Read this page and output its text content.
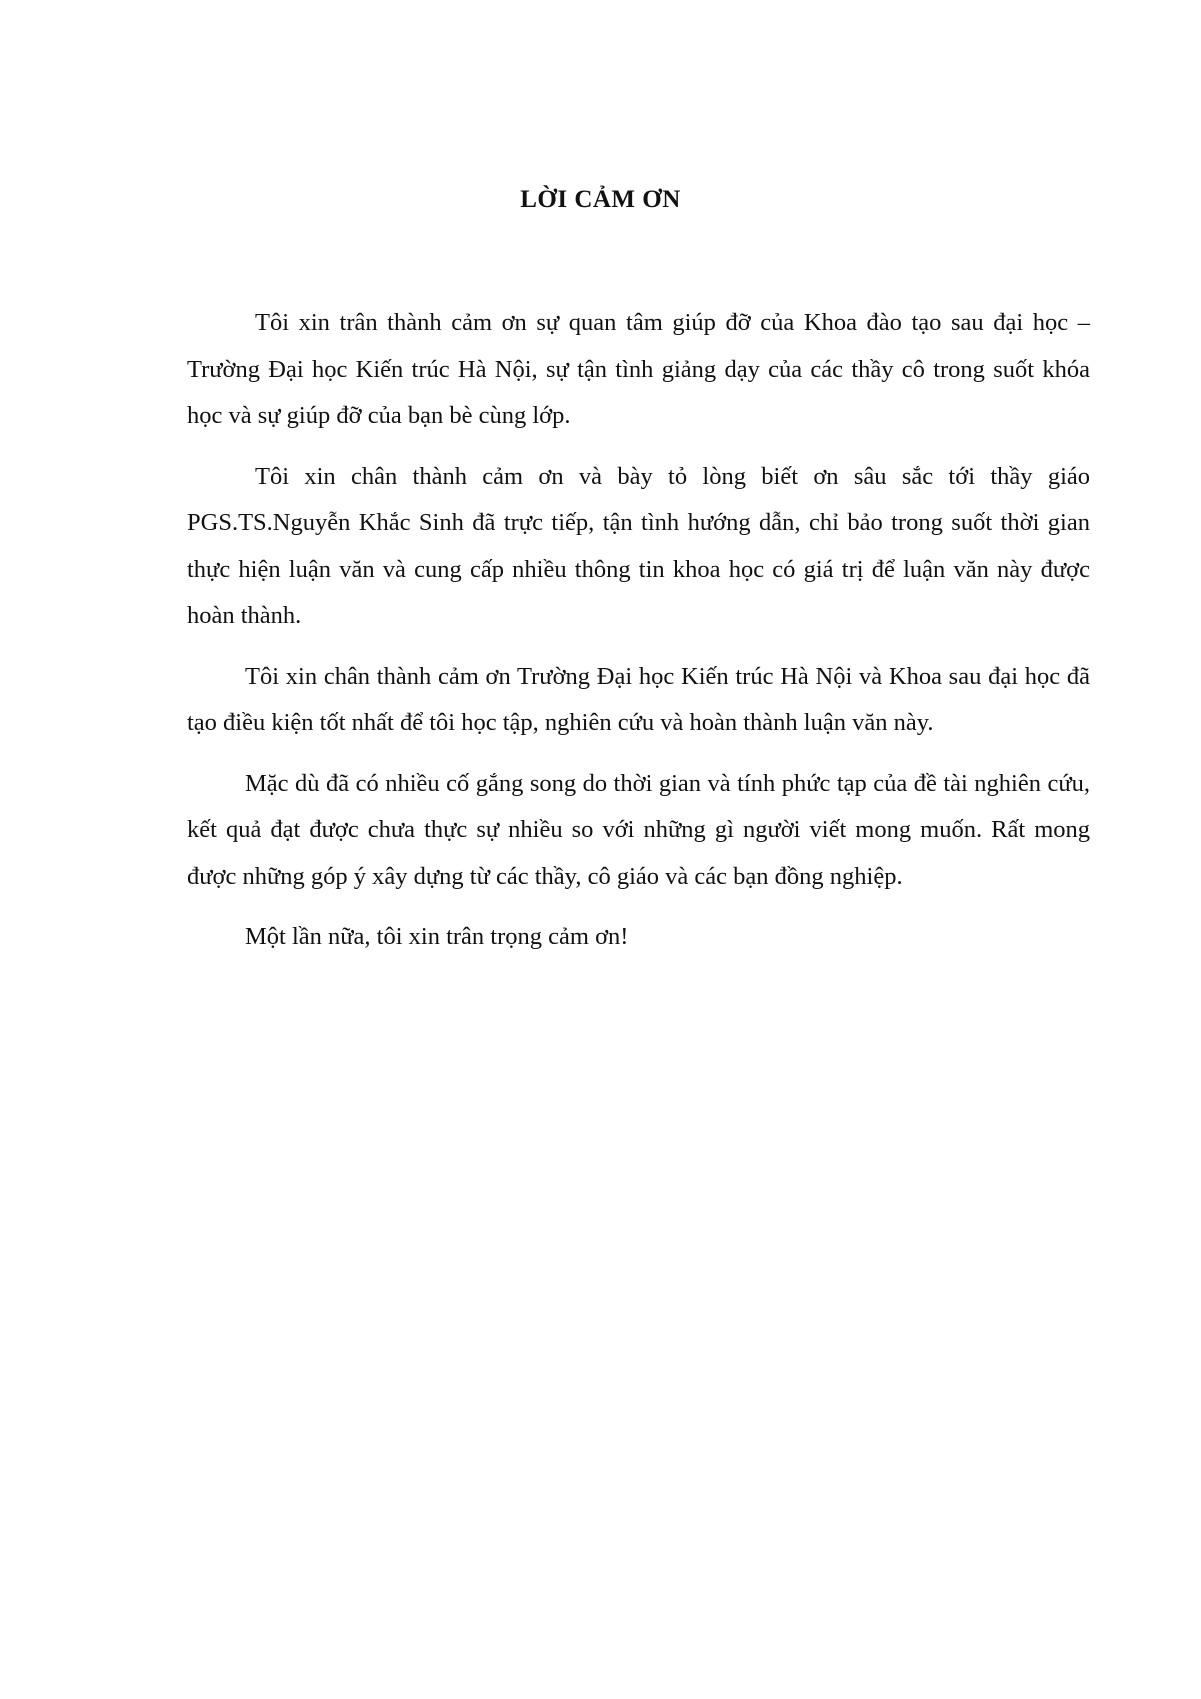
LỜI CẢM ƠN

Tôi xin trân thành cảm ơn sự quan tâm giúp đỡ của Khoa đào tạo sau đại học – Trường Đại học Kiến trúc Hà Nội, sự tận tình giảng dạy của các thầy cô trong suốt khóa học và sự giúp đỡ của bạn bè cùng lớp.

Tôi xin chân thành cảm ơn và bày tỏ lòng biết ơn sâu sắc tới thầy giáo PGS.TS.Nguyễn Khắc Sinh đã trực tiếp, tận tình hướng dẫn, chỉ bảo trong suốt thời gian thực hiện luận văn và cung cấp nhiều thông tin khoa học có giá trị để luận văn này được hoàn thành.

Tôi xin chân thành cảm ơn Trường Đại học Kiến trúc Hà Nội và Khoa sau đại học đã tạo điều kiện tốt nhất để tôi học tập, nghiên cứu và hoàn thành luận văn này.

Mặc dù đã có nhiều cố gắng song do thời gian và tính phức tạp của đề tài nghiên cứu, kết quả đạt được chưa thực sự nhiều so với những gì người viết mong muốn. Rất mong được những góp ý xây dựng từ các thầy, cô giáo và các bạn đồng nghiệp.

Một lần nữa, tôi xin trân trọng cảm ơn!
